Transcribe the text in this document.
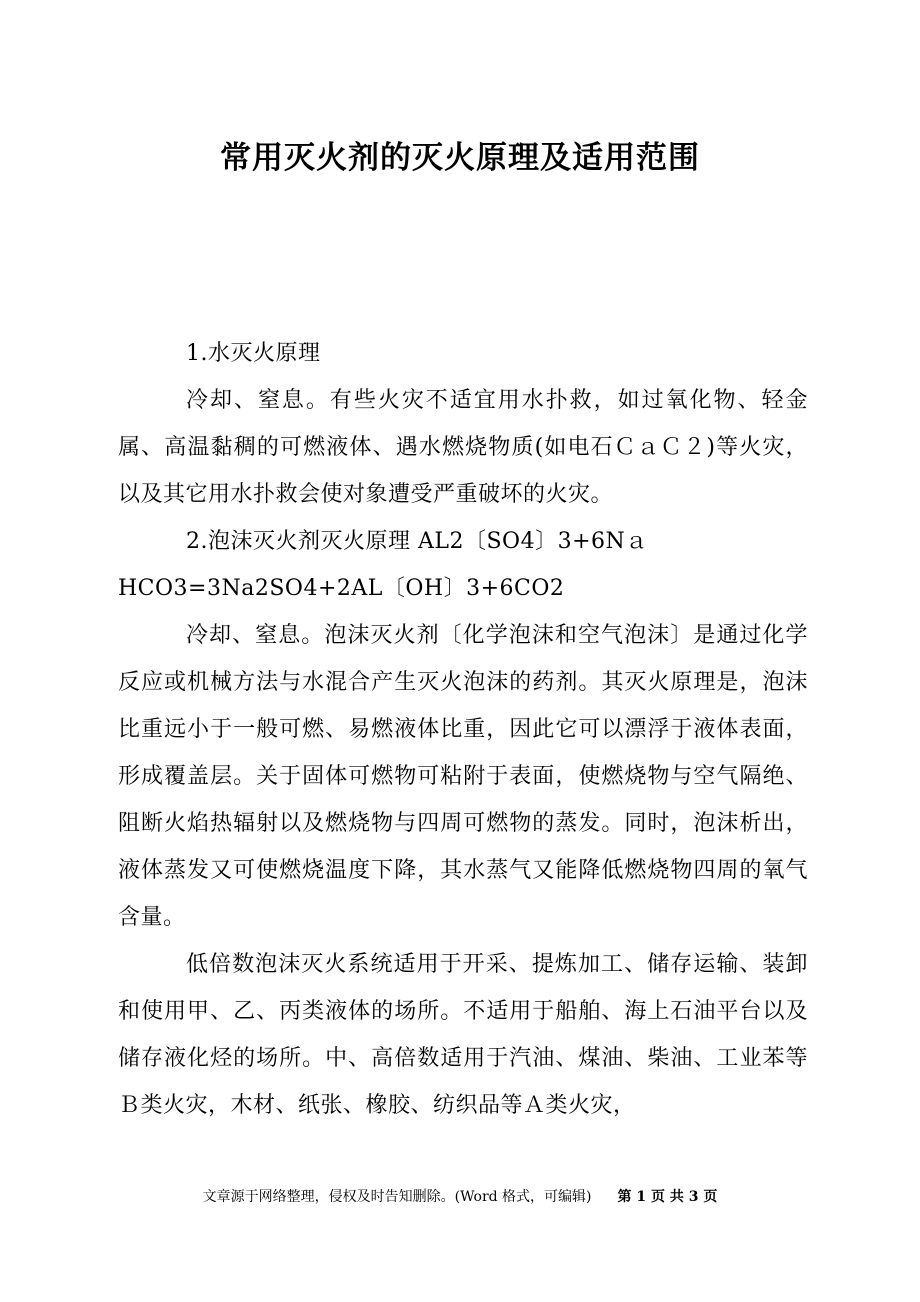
常用灭火剂的灭火原理及适用范围

1.水灭火原理

冷却、窒息。有些火灾不适宜用水扑救，如过氧化物、轻金属、高温黏稠的可燃液体、遇水燃烧物质(如电石ＣａＣ２)等火灾，以及其它用水扑救会使对象遭受严重破坏的火灾。

2.泡沫灭火剂灭火原理 AL2〔SO4〕3+6Nａ HCO3=3Na2SO4+2AL〔OH〕3+6CO2

冷却、窒息。泡沫灭火剂〔化学泡沫和空气泡沫〕是通过化学反应或机械方法与水混合产生灭火泡沫的药剂。其灭火原理是，泡沫比重远小于一般可燃、易燃液体比重，因此它可以漂浮于液体表面，形成覆盖层。关于固体可燃物可粘附于表面，使燃烧物与空气隔绝、阻断火焰热辐射以及燃烧物与四周可燃物的蒸发。同时，泡沫析出，液体蒸发又可使燃烧温度下降，其水蒸气又能降低燃烧物四周的氧气含量。

低倍数泡沫灭火系统适用于开采、提炼加工、储存运输、装卸和使用甲、乙、丙类液体的场所。不适用于船舶、海上石油平台以及储存液化烃的场所。中、高倍数适用于汽油、煤油、柴油、工业苯等Ｂ类火灾，木材、纸张、橡胶、纺织品等Ａ类火灾，

文章源于网络整理，侵权及时告知删除。(Word 格式，可编辑) 第 1 页 共 3 页
